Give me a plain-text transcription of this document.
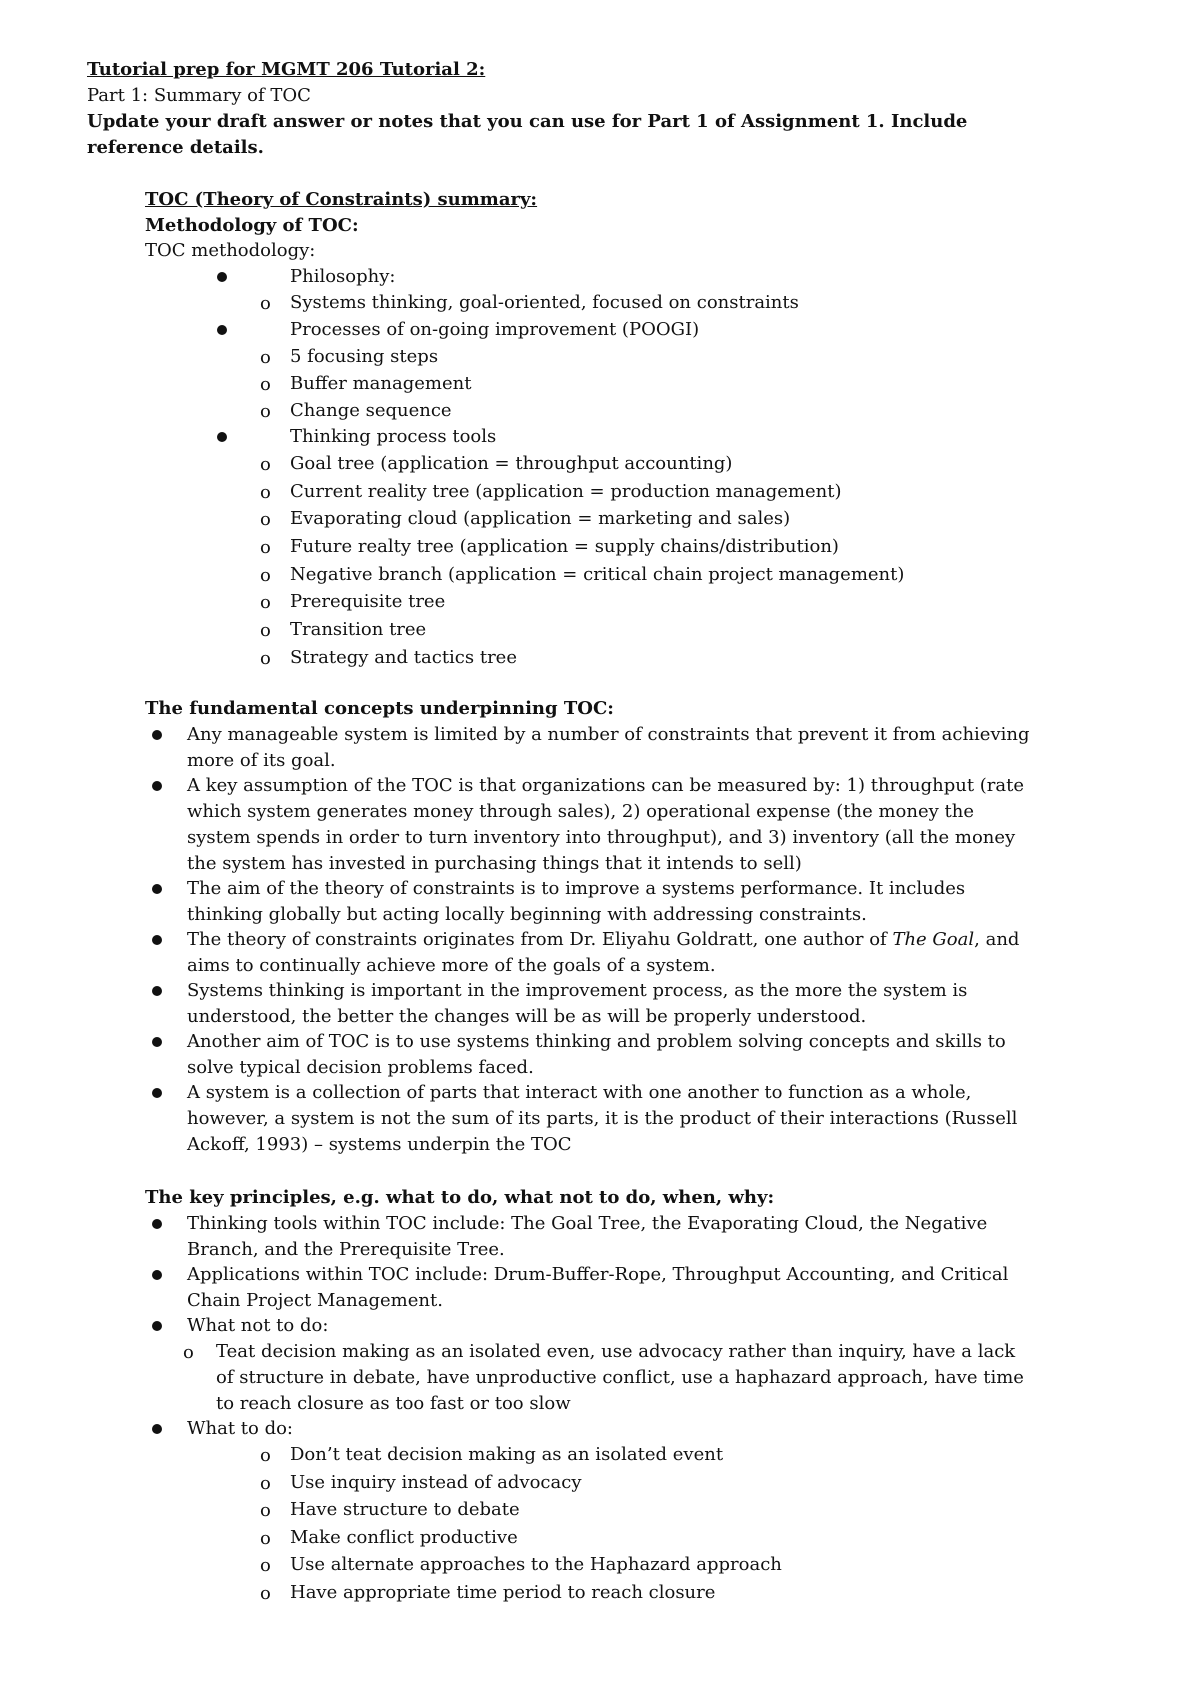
Tutorial prep for MGMT 206 Tutorial 2:
Part 1: Summary of TOC
Update your draft answer or notes that you can use for Part 1 of Assignment 1. Include reference details.
TOC (Theory of Constraints) summary:
Methodology of TOC:
TOC methodology:
Philosophy:
o Systems thinking, goal-oriented, focused on constraints
Processes of on-going improvement (POOGI)
o 5 focusing steps
o Buffer management
o Change sequence
Thinking process tools
o Goal tree (application = throughput accounting)
o Current reality tree (application = production management)
o Evaporating cloud (application = marketing and sales)
o Future realty tree (application = supply chains/distribution)
o Negative branch (application = critical chain project management)
o Prerequisite tree
o Transition tree
o Strategy and tactics tree
The fundamental concepts underpinning TOC:
Any manageable system is limited by a number of constraints that prevent it from achieving more of its goal.
A key assumption of the TOC is that organizations can be measured by: 1) throughput (rate which system generates money through sales), 2) operational expense (the money the system spends in order to turn inventory into throughput), and 3) inventory (all the money the system has invested in purchasing things that it intends to sell)
The aim of the theory of constraints is to improve a systems performance. It includes thinking globally but acting locally beginning with addressing constraints.
The theory of constraints originates from Dr. Eliyahu Goldratt, one author of The Goal, and aims to continually achieve more of the goals of a system.
Systems thinking is important in the improvement process, as the more the system is understood, the better the changes will be as will be properly understood.
Another aim of TOC is to use systems thinking and problem solving concepts and skills to solve typical decision problems faced.
A system is a collection of parts that interact with one another to function as a whole, however, a system is not the sum of its parts, it is the product of their interactions (Russell Ackoff, 1993) – systems underpin the TOC
The key principles, e.g. what to do, what not to do, when, why:
Thinking tools within TOC include: The Goal Tree, the Evaporating Cloud, the Negative Branch, and the Prerequisite Tree.
Applications within TOC include: Drum-Buffer-Rope, Throughput Accounting, and Critical Chain Project Management.
What not to do:
o Teat decision making as an isolated even, use advocacy rather than inquiry, have a lack of structure in debate, have unproductive conflict, use a haphazard approach, have time to reach closure as too fast or too slow
What to do:
o Don’t teat decision making as an isolated event
o Use inquiry instead of advocacy
o Have structure to debate
o Make conflict productive
o Use alternate approaches to the Haphazard approach
o Have appropriate time period to reach closure
